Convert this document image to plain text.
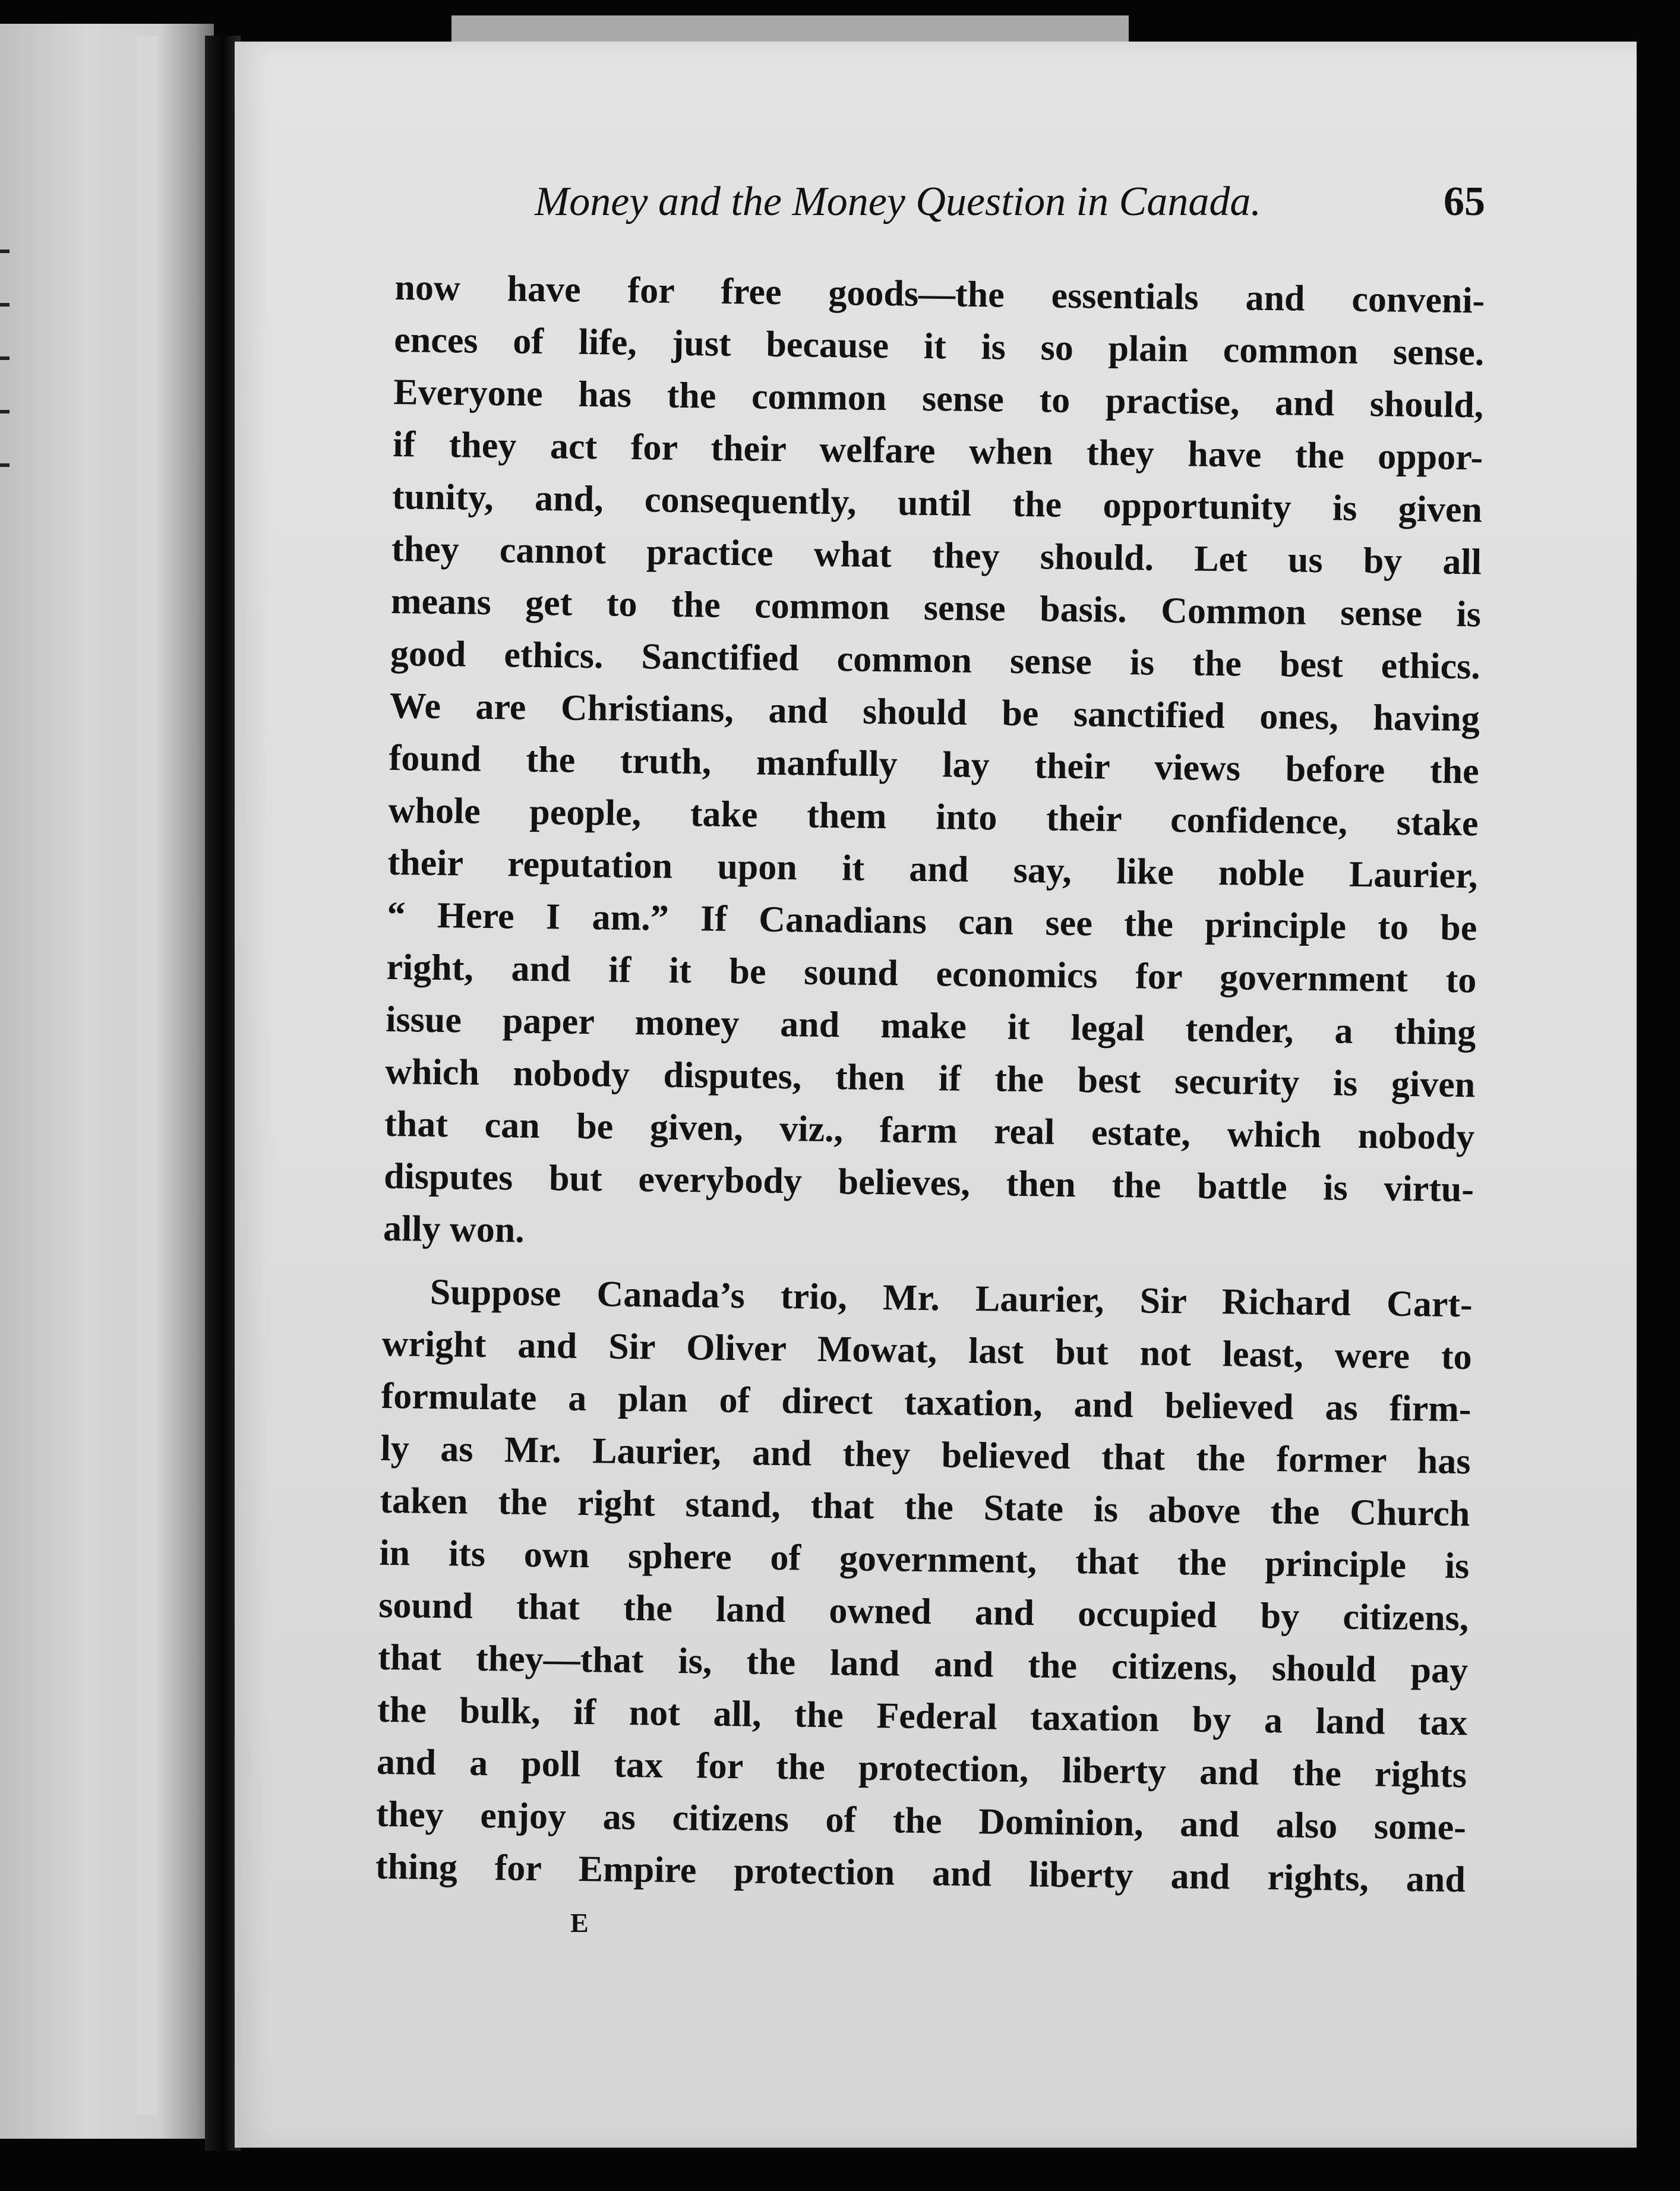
Money and the Money Question in Canada.	65
now have for free goods—the essentials and conveni-
ences of life, just because it is so plain common sense.
Everyone has the common sense to practise, and should,
if they act for their welfare when they have the oppor-
tunity, and, consequently, until the opportunity is given
they cannot practice what they should. Let us by all
means get to the common sense basis. Common sense is
good ethics. Sanctified common sense is the best ethics.
We are Christians, and should be sanctified ones, having
found the truth, manfully lay their views before the
whole people, take them into their confidence, stake
their reputation upon it and say, like noble Laurier,
“ Here I am.” If Canadians can see the principle to be
right, and if it be sound economics for government to
issue paper money and make it legal tender, a thing
which nobody disputes, then if the best security is given
that can be given, viz., farm real estate, which nobody
disputes but everybody believes, then the battle is virtu-
ally won.
Suppose Canada’s trio, Mr. Laurier, Sir Richard Cart-
wright and Sir Oliver Mowat, last but not least, were to
formulate a plan of direct taxation, and believed as firm-
ly as Mr. Laurier, and they believed that the former has
taken the right stand, that the State is above the Church
in its own sphere of government, that the principle is
sound that the land owned and occupied by citizens,
that they—that is, the land and the citizens, should pay
the bulk, if not all, the Federal taxation by a land tax
and a poll tax for the protection, liberty and the rights
they enjoy as citizens of the Dominion, and also some-
thing for Empire protection and liberty and rights, and
E
